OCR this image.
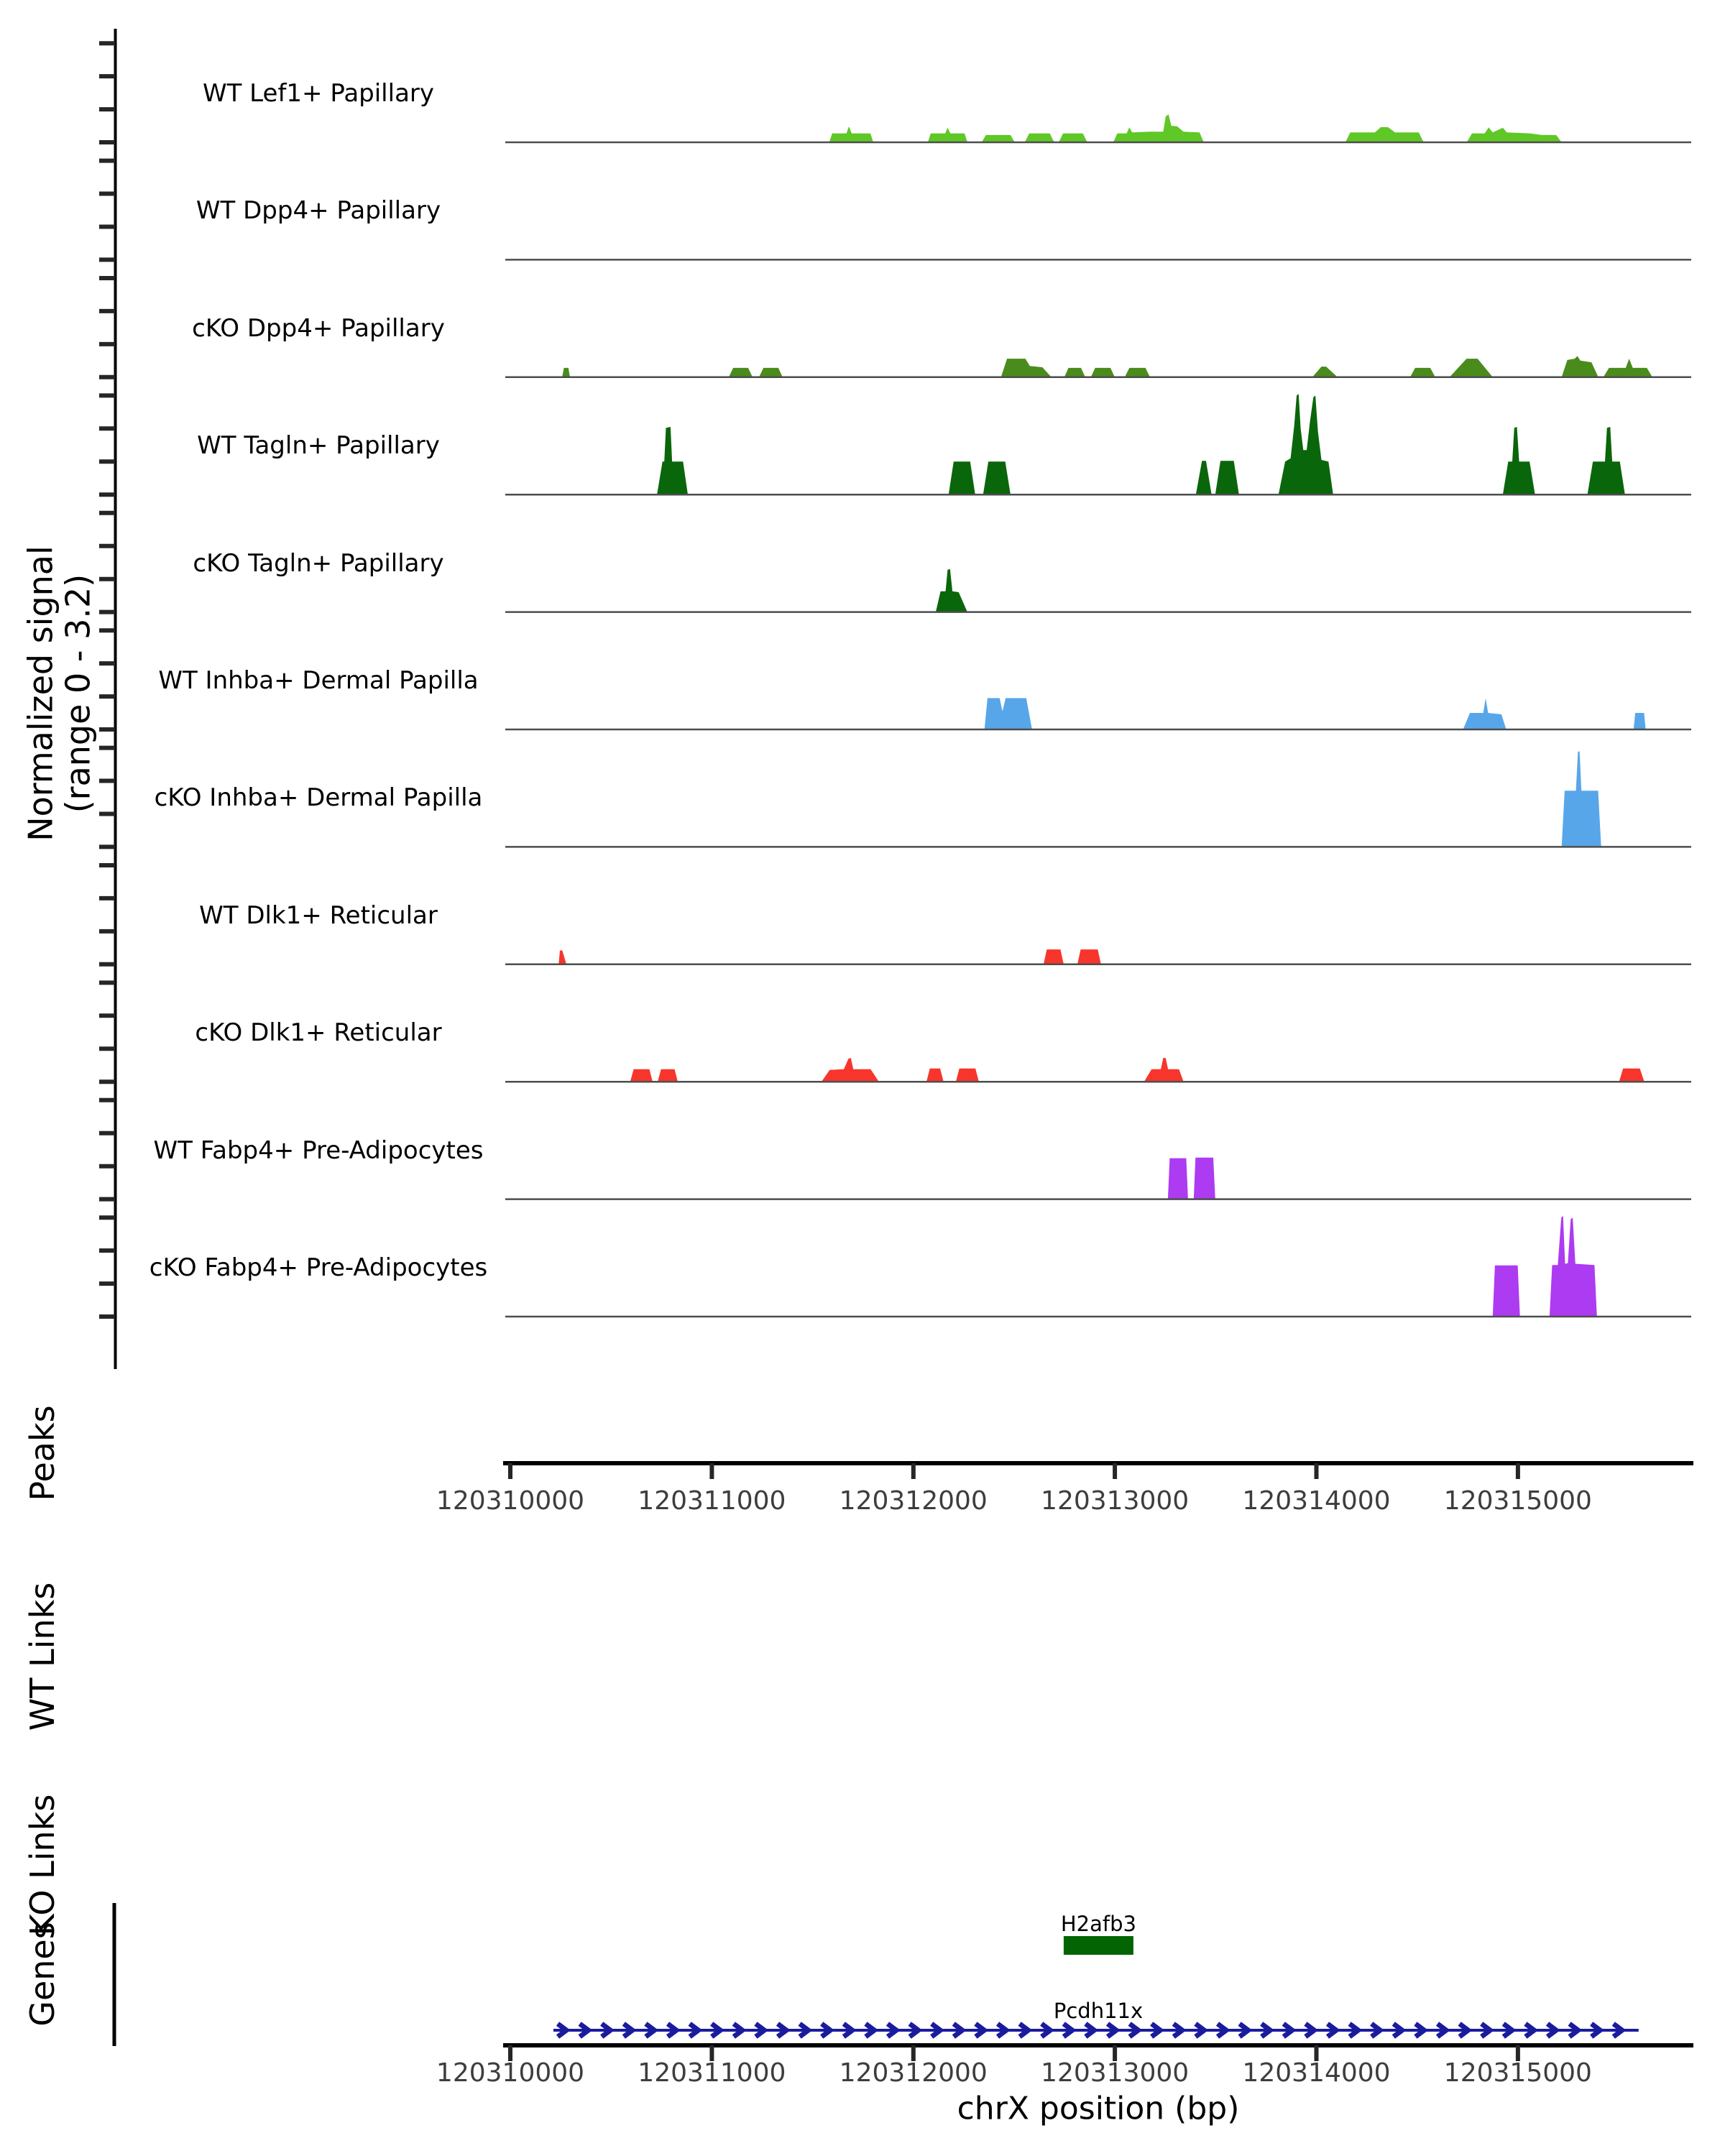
Normalized signal
(range 0 - 3.2)
Peaks
WT Links
KO Links
Genes
chrX position (bp)
WT Lef1+ Papillary
WT Dpp4+ Papillary
cKO Dpp4+ Papillary
WT Tagln+ Papillary
cKO Tagln+ Papillary
WT Inhba+ Dermal Papilla
cKO Inhba+ Dermal Papilla
WT Dlk1+ Reticular
cKO Dlk1+ Reticular
WT Fabp4+ Pre-Adipocytes
cKO Fabp4+ Pre-Adipocytes
120310000
120310000
120311000
120311000
120312000
120312000
120313000
120313000
120314000
120314000
120315000
120315000
H2afb3
Pcdh11x
